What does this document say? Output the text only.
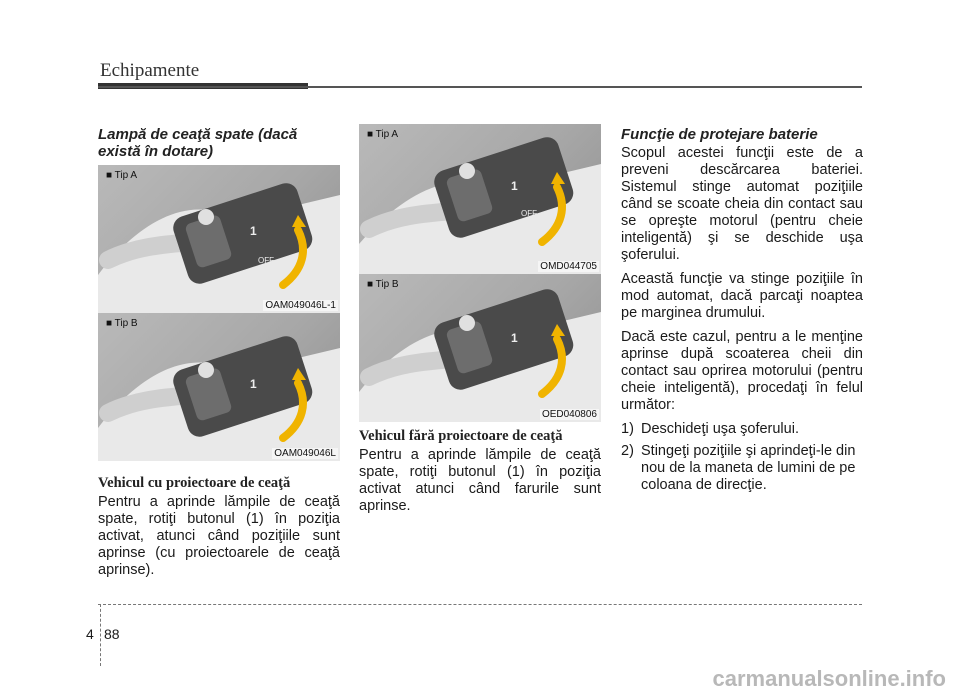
Echipamente
Lampă de ceaţă spate (dacă există în dotare)
1
OFF
■ Tip A
OAM049046L-1
1
■ Tip B
OAM049046L
Vehicul cu proiectoare de ceaţă

Pentru a aprinde lămpile de ceaţă spate, rotiţi butonul (1) în poziţia activat, atunci când poziţiile sunt aprinse (cu proiectoarele de ceaţă aprinse).

1
OFF
■ Tip A
OMD044705
1
■ Tip B
OED040806
Vehicul fără proiectoare de ceaţă

Pentru a aprinde lămpile de ceaţă spate, rotiţi butonul (1) în poziţia activat atunci când farurile sunt aprinse.

Funcţie de protejare baterie

Scopul acestei funcţii este de a preveni descărcarea bateriei. Sistemul stinge automat poziţiile când se scoate cheia din contact sau se opreşte motorul (pentru cheie inteligentă) şi se deschide uşa şoferului.

Această funcţie va stinge poziţiile în mod automat, dacă parcaţi noaptea pe marginea drumului.

Dacă este cazul, pentru a le menţine aprinse după scoaterea cheii din contact sau oprirea motorului (pentru cheie inteligentă), procedaţi în felul următor:

1) Deschideţi uşa şoferului.
2) Stingeţi poziţiile şi aprindeţi-le din nou de la maneta de lumini de pe coloana de direcţie.
4 88
carmanualsonline.info
